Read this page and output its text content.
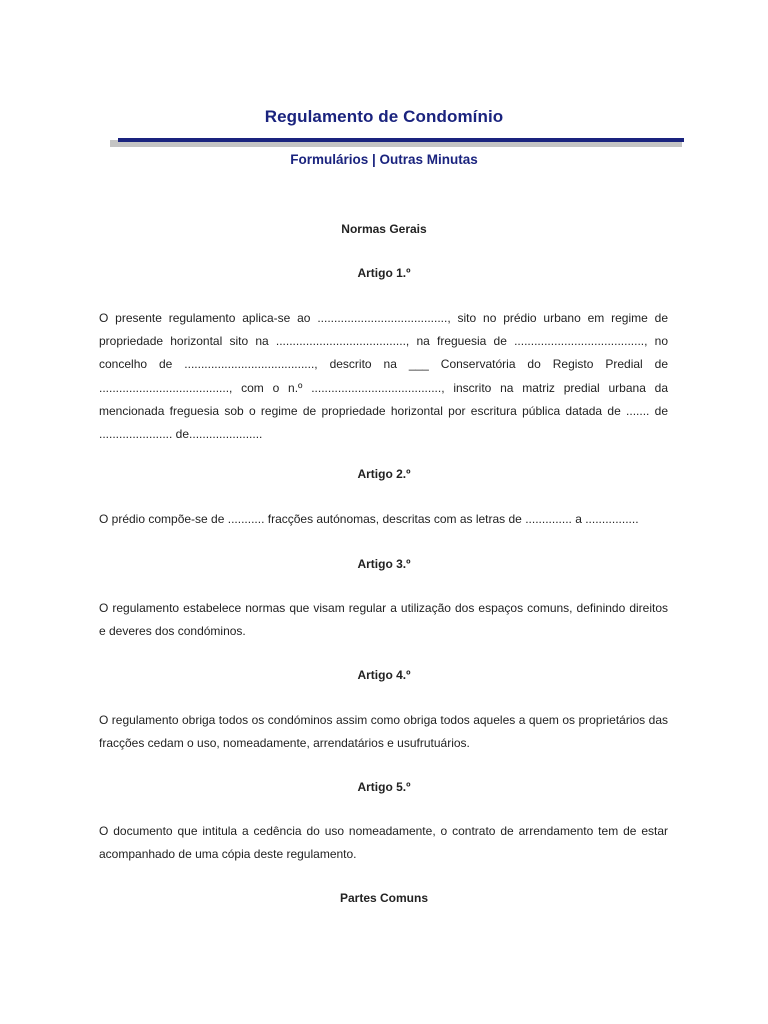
Regulamento de Condomínio
Formulários | Outras Minutas
Normas Gerais
Artigo 1.º
O presente regulamento aplica-se ao ......................................., sito no prédio urbano em regime de propriedade horizontal sito na ......................................., na freguesia de ......................................., no concelho de ......................................., descrito na ___ Conservatória do Registo Predial de ......................................., com o n.º ......................................., inscrito na matriz predial urbana da mencionada freguesia sob o regime de propriedade horizontal por escritura pública datada de ....... de ...................... de......................
Artigo 2.º
O prédio compõe-se de ........... fracções autónomas, descritas com as letras de .............. a ................
Artigo 3.º
O regulamento estabelece normas que visam regular a utilização dos espaços comuns, definindo direitos e deveres dos condóminos.
Artigo 4.º
O regulamento obriga todos os condóminos assim como obriga todos aqueles a quem os proprietários das fracções cedam o uso, nomeadamente, arrendatários e usufrutuários.
Artigo 5.º
O documento que intitula a cedência do uso nomeadamente, o contrato de arrendamento tem de estar acompanhado de uma cópia deste regulamento.
Partes Comuns
